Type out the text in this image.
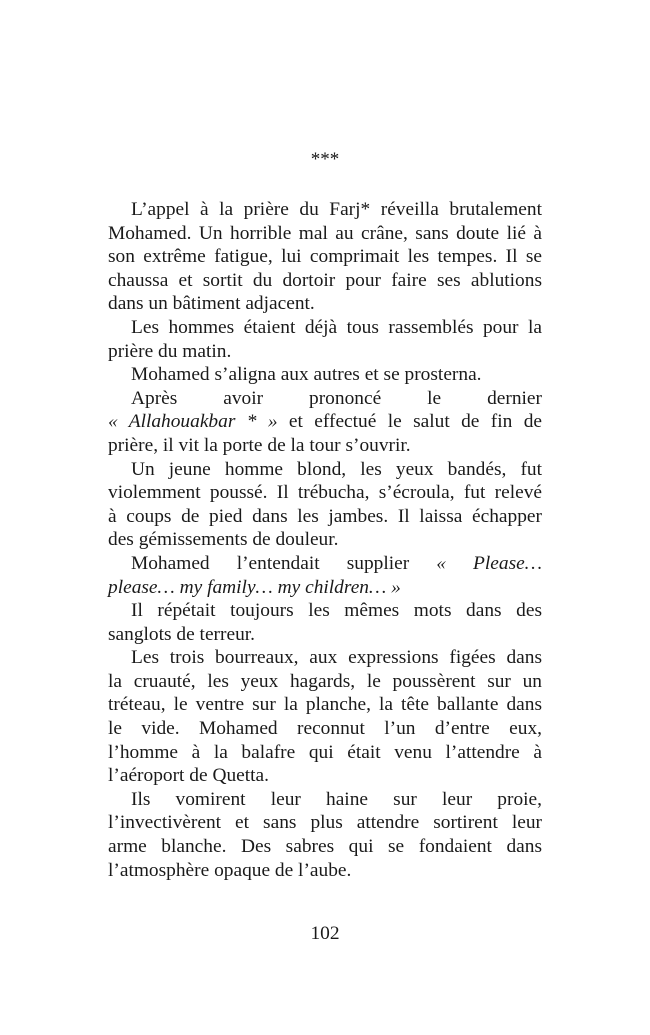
***
L’appel à la prière du Farj* réveilla brutalement
Mohamed. Un horrible mal au crâne, sans doute lié à
son extrême fatigue, lui comprimait les tempes. Il se
chaussa et sortit du dortoir pour faire ses ablutions
dans un bâtiment adjacent.
Les hommes étaient déjà tous rassemblés pour la
prière du matin.
Mohamed s’aligna aux autres et se prosterna.
Après avoir prononcé le dernier
« Allahouakbar * » et effectué le salut de fin de
prière, il vit la porte de la tour s’ouvrir.
Un jeune homme blond, les yeux bandés, fut
violemment poussé. Il trébucha, s’écroula, fut relevé
à coups de pied dans les jambes. Il laissa échapper
des gémissements de douleur.
Mohamed l’entendait supplier « Please…
please… my family… my children… »
Il répétait toujours les mêmes mots dans des
sanglots de terreur.
Les trois bourreaux, aux expressions figées dans
la cruauté, les yeux hagards, le poussèrent sur un
tréteau, le ventre sur la planche, la tête ballante dans
le vide. Mohamed reconnut l’un d’entre eux,
l’homme à la balafre qui était venu l’attendre à
l’aéroport de Quetta.
Ils vomirent leur haine sur leur proie,
l’invectivèrent et sans plus attendre sortirent leur
arme blanche. Des sabres qui se fondaient dans
l’atmosphère opaque de l’aube.
102
